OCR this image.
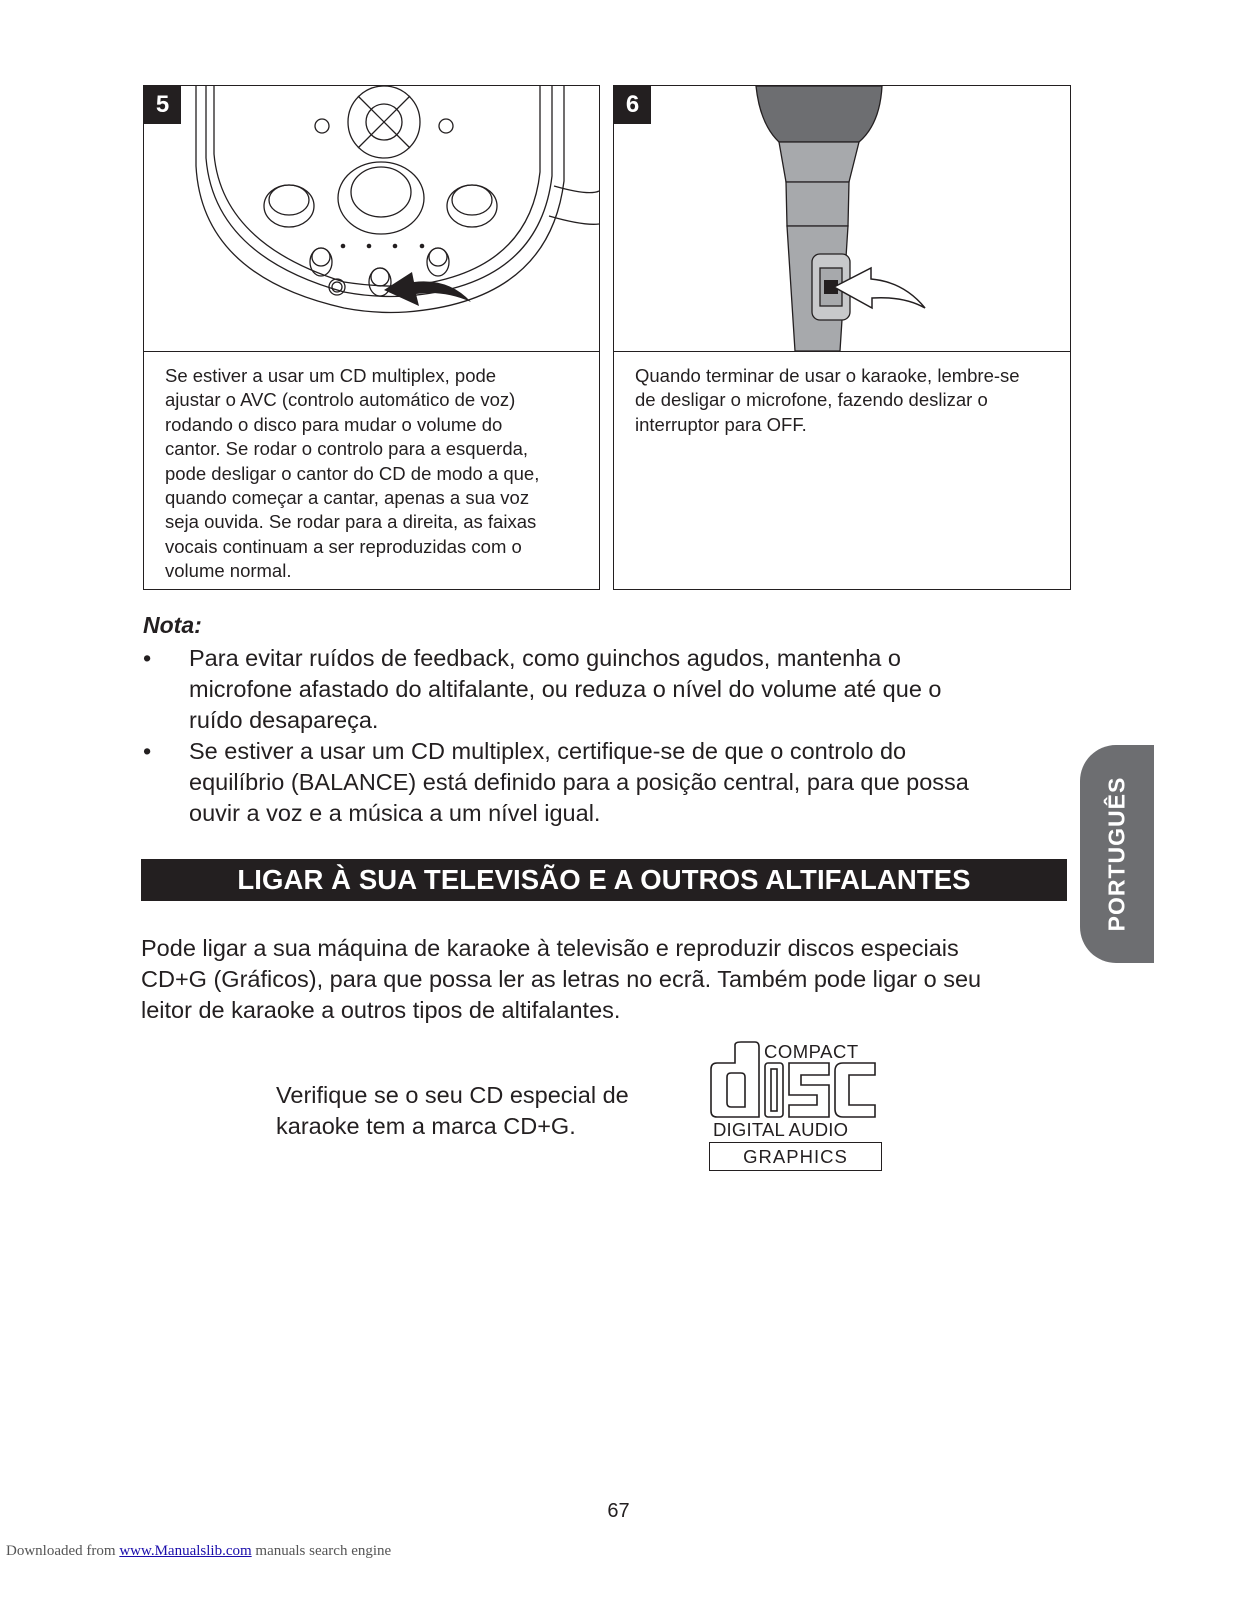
5
Se estiver a usar um CD multiplex, pode
ajustar o AVC (controlo automático de voz)
rodando o disco para mudar o volume do
cantor. Se rodar o controlo para a esquerda,
pode desligar o cantor do CD de modo a que,
quando começar a cantar, apenas a sua voz
seja ouvida. Se rodar para a direita, as faixas
vocais continuam a ser reproduzidas com o
volume normal.
6
Quando terminar de usar o karaoke, lembre-se
de desligar o microfone, fazendo deslizar o
interruptor para OFF.
Nota:
•	Para evitar ruídos de feedback, como guinchos agudos, mantenha o
microfone afastado do altifalante, ou reduza o nível do volume até que o
ruído desapareça.
•	Se estiver a usar um CD multiplex, certifique-se de que o controlo do
equilíbrio (BALANCE) está definido para a posição central, para que possa
ouvir a voz e a música a um nível igual.
LIGAR À SUA TELEVISÃO E A OUTROS ALTIFALANTES	PORTUGUÊS
Pode ligar a sua máquina de karaoke à televisão e reproduzir discos especiais
CD+G (Gráficos), para que possa ler as letras no ecrã. Também pode ligar o seu
leitor de karaoke a outros tipos de altifalantes.
Verifique se o seu CD especial de
karaoke tem a marca CD+G.
COMPACT
DIGITAL AUDIO
GRAPHICS
67
Downloaded from www.Manualslib.com manuals search engine
